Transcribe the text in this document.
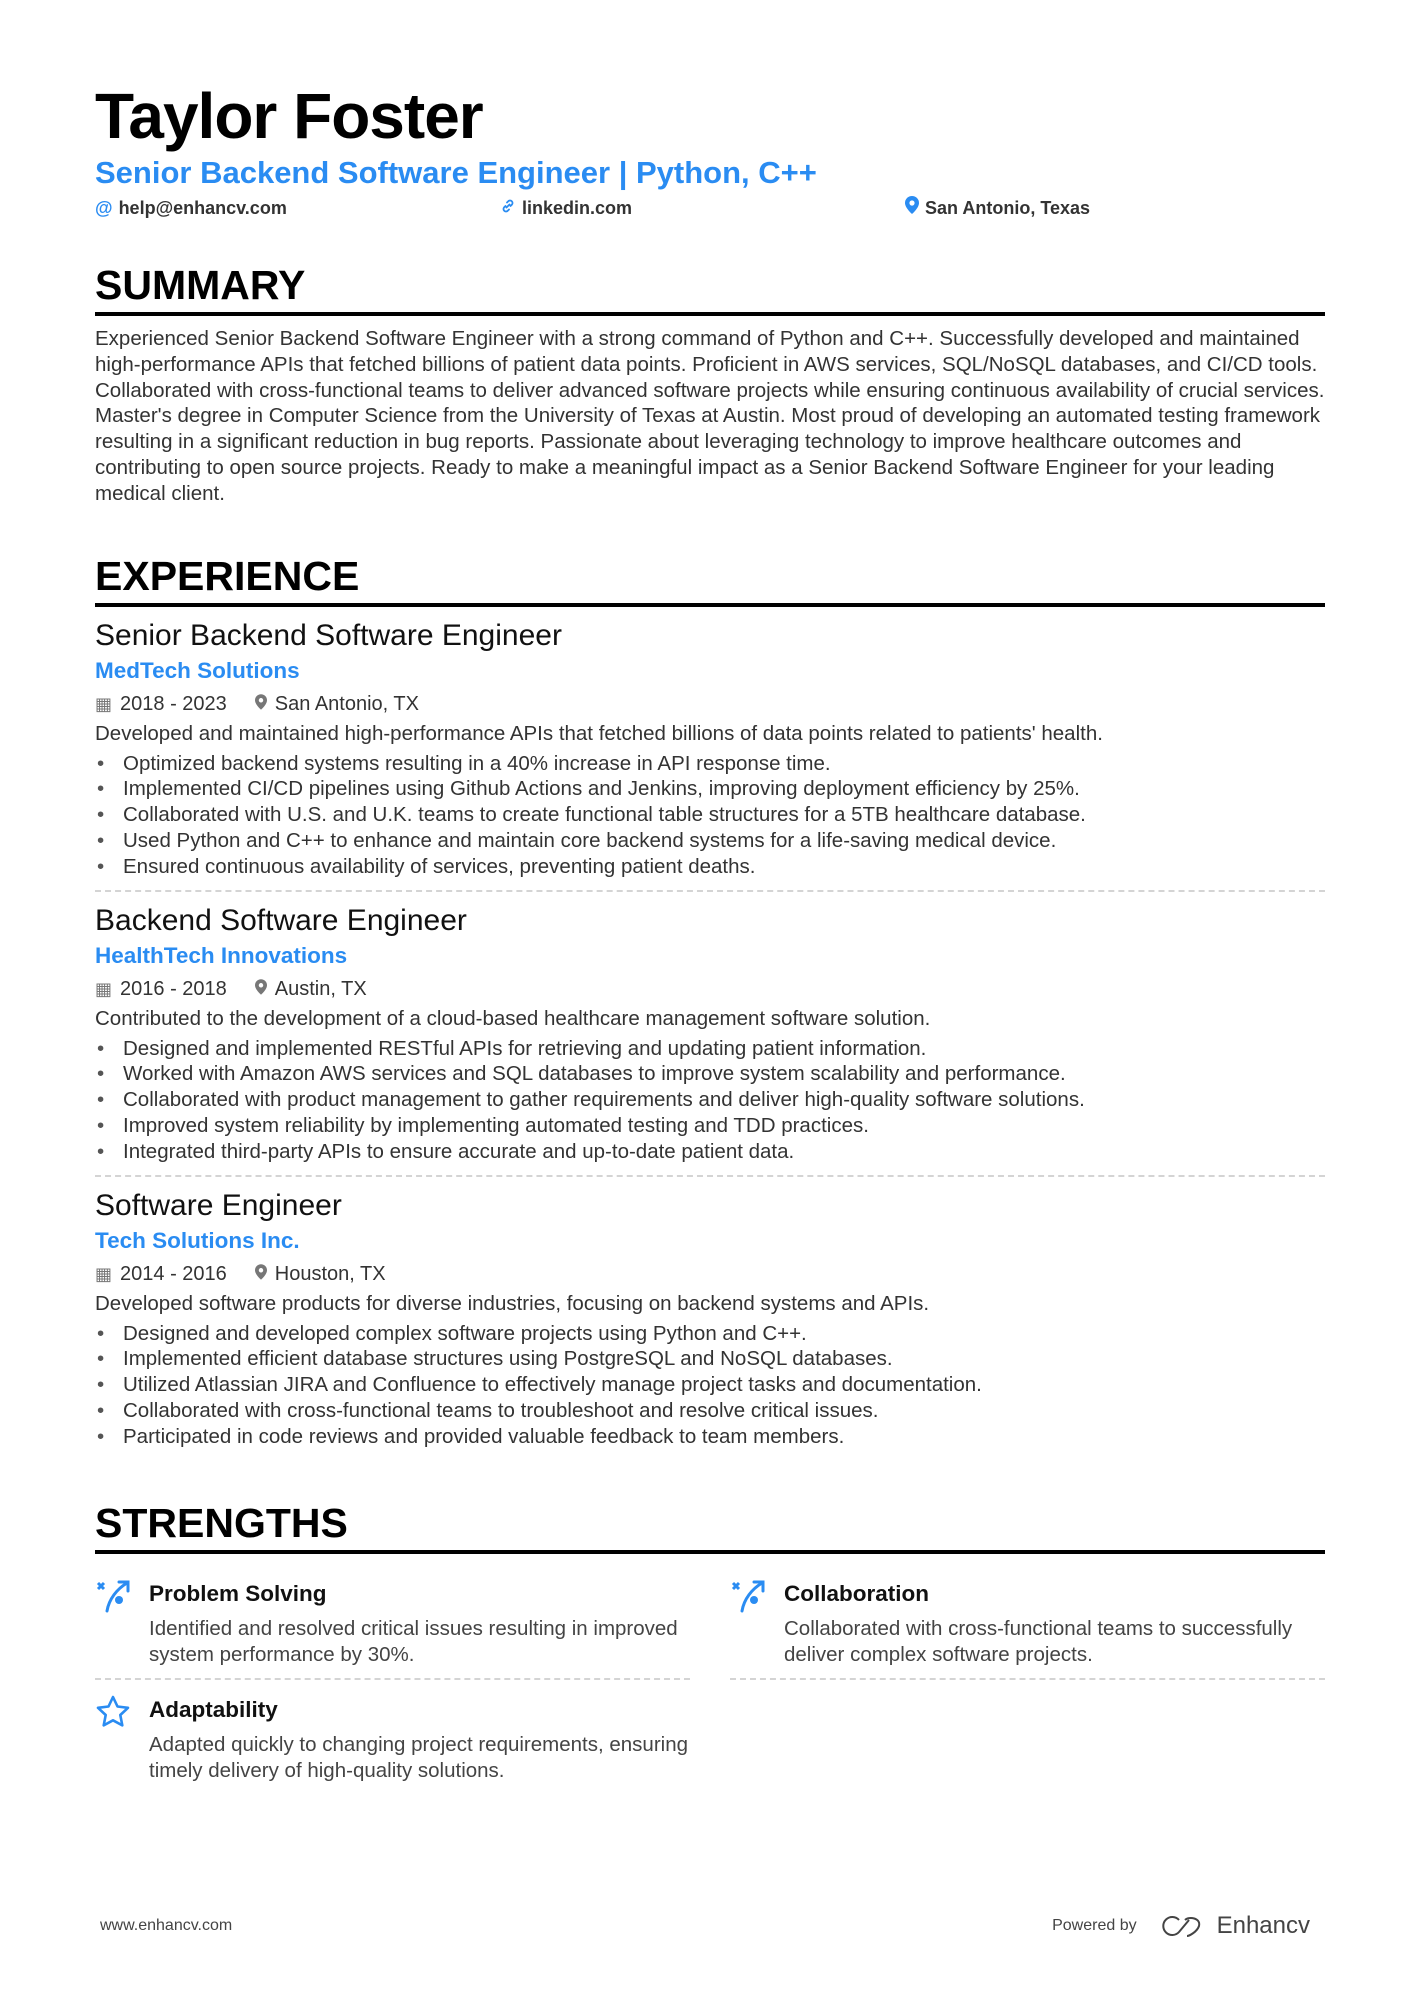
Taylor Foster
Senior Backend Software Engineer | Python, C++
@ help@enhancv.com	linkedin.com	San Antonio, Texas
SUMMARY
Experienced Senior Backend Software Engineer with a strong command of Python and C++. Successfully developed and maintained high-performance APIs that fetched billions of patient data points. Proficient in AWS services, SQL/NoSQL databases, and CI/CD tools. Collaborated with cross-functional teams to deliver advanced software projects while ensuring continuous availability of crucial services. Master's degree in Computer Science from the University of Texas at Austin. Most proud of developing an automated testing framework resulting in a significant reduction in bug reports. Passionate about leveraging technology to improve healthcare outcomes and contributing to open source projects. Ready to make a meaningful impact as a Senior Backend Software Engineer for your leading medical client.
EXPERIENCE
Senior Backend Software Engineer
MedTech Solutions
▦ 2018 - 2023 San Antonio, TX
Developed and maintained high-performance APIs that fetched billions of data points related to patients' health.
• Optimized backend systems resulting in a 40% increase in API response time.
• Implemented CI/CD pipelines using Github Actions and Jenkins, improving deployment efficiency by 25%.
• Collaborated with U.S. and U.K. teams to create functional table structures for a 5TB healthcare database.
• Used Python and C++ to enhance and maintain core backend systems for a life-saving medical device.
• Ensured continuous availability of services, preventing patient deaths.
Backend Software Engineer
HealthTech Innovations
▦ 2016 - 2018 Austin, TX
Contributed to the development of a cloud-based healthcare management software solution.
• Designed and implemented RESTful APIs for retrieving and updating patient information.
• Worked with Amazon AWS services and SQL databases to improve system scalability and performance.
• Collaborated with product management to gather requirements and deliver high-quality software solutions.
• Improved system reliability by implementing automated testing and TDD practices.
• Integrated third-party APIs to ensure accurate and up-to-date patient data.
Software Engineer
Tech Solutions Inc.
▦ 2014 - 2016 Houston, TX
Developed software products for diverse industries, focusing on backend systems and APIs.
• Designed and developed complex software projects using Python and C++.
• Implemented efficient database structures using PostgreSQL and NoSQL databases.
• Utilized Atlassian JIRA and Confluence to effectively manage project tasks and documentation.
• Collaborated with cross-functional teams to troubleshoot and resolve critical issues.
• Participated in code reviews and provided valuable feedback to team members.
STRENGTHS
Problem Solving

Identified and resolved critical issues resulting in improved system performance by 30%.

Collaboration

Collaborated with cross-functional teams to successfully deliver complex software projects.

Adaptability

Adapted quickly to changing project requirements, ensuring timely delivery of high-quality solutions.

www.enhancv.com	Powered by	Enhancv
